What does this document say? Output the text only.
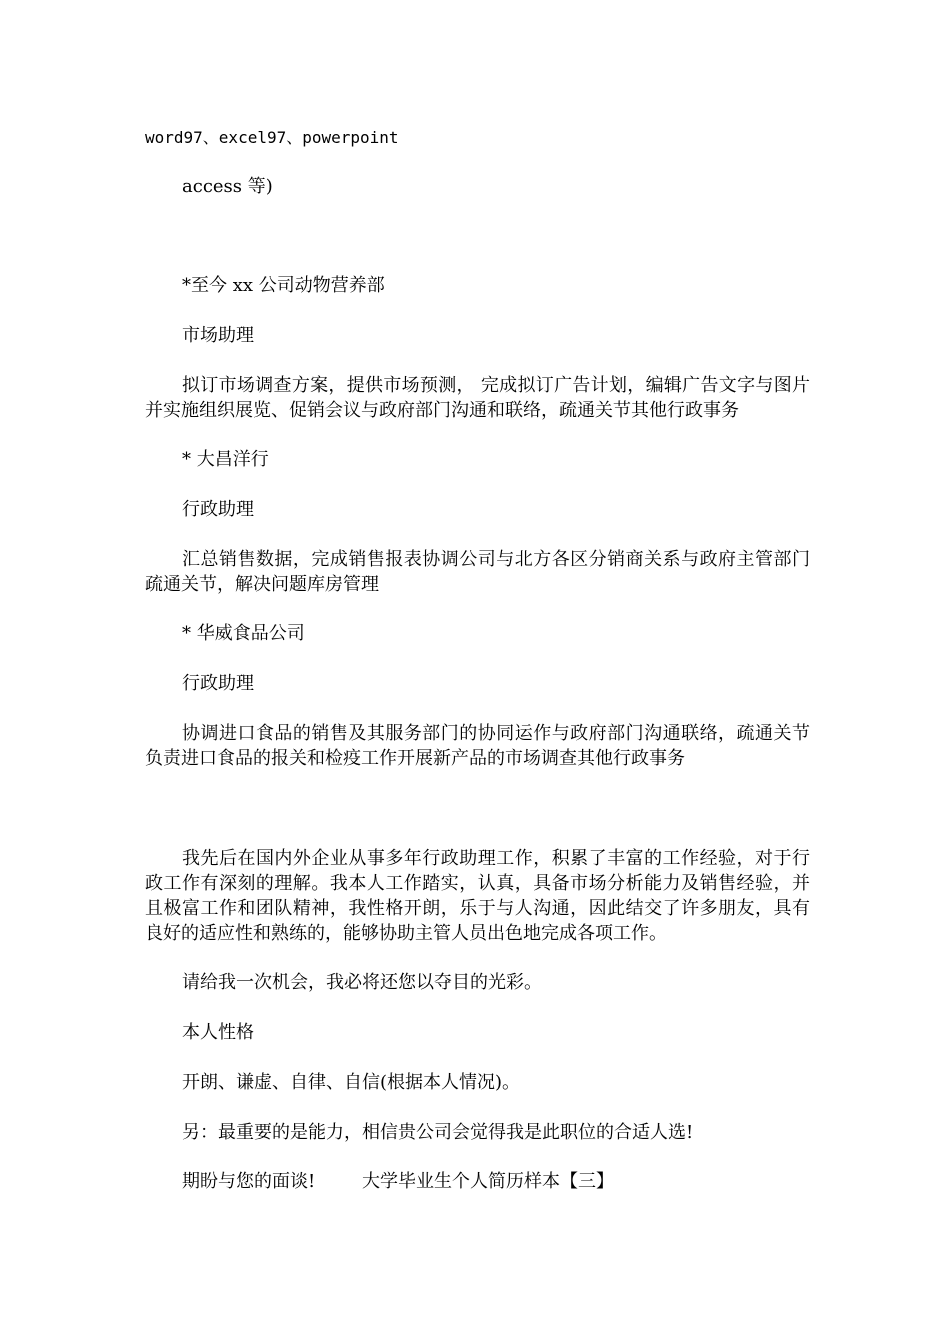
word97、excel97、powerpoint
access 等)
*至今 xx 公司动物营养部
市场助理
拟订市场调查方案，提供市场预测， 完成拟订广告计划，编辑广告文字与图片并实施组织展览、促销会议与政府部门沟通和联络，疏通关节其他行政事务
* 大昌洋行
行政助理
汇总销售数据，完成销售报表协调公司与北方各区分销商关系与政府主管部门疏通关节，解决问题库房管理
* 华威食品公司
行政助理
协调进口食品的销售及其服务部门的协同运作与政府部门沟通联络，疏通关节负责进口食品的报关和检疫工作开展新产品的市场调查其他行政事务
我先后在国内外企业从事多年行政助理工作，积累了丰富的工作经验，对于行政工作有深刻的理解。我本人工作踏实，认真，具备市场分析能力及销售经验，并且极富工作和团队精神，我性格开朗，乐于与人沟通，因此结交了许多朋友，具有良好的适应性和熟练的，能够协助主管人员出色地完成各项工作。
请给我一次机会，我必将还您以夺目的光彩。
本人性格
开朗、谦虚、自律、自信(根据本人情况)。
另：最重要的是能力，相信贵公司会觉得我是此职位的合适人选!
期盼与您的面谈!	大学毕业生个人简历样本【三】
